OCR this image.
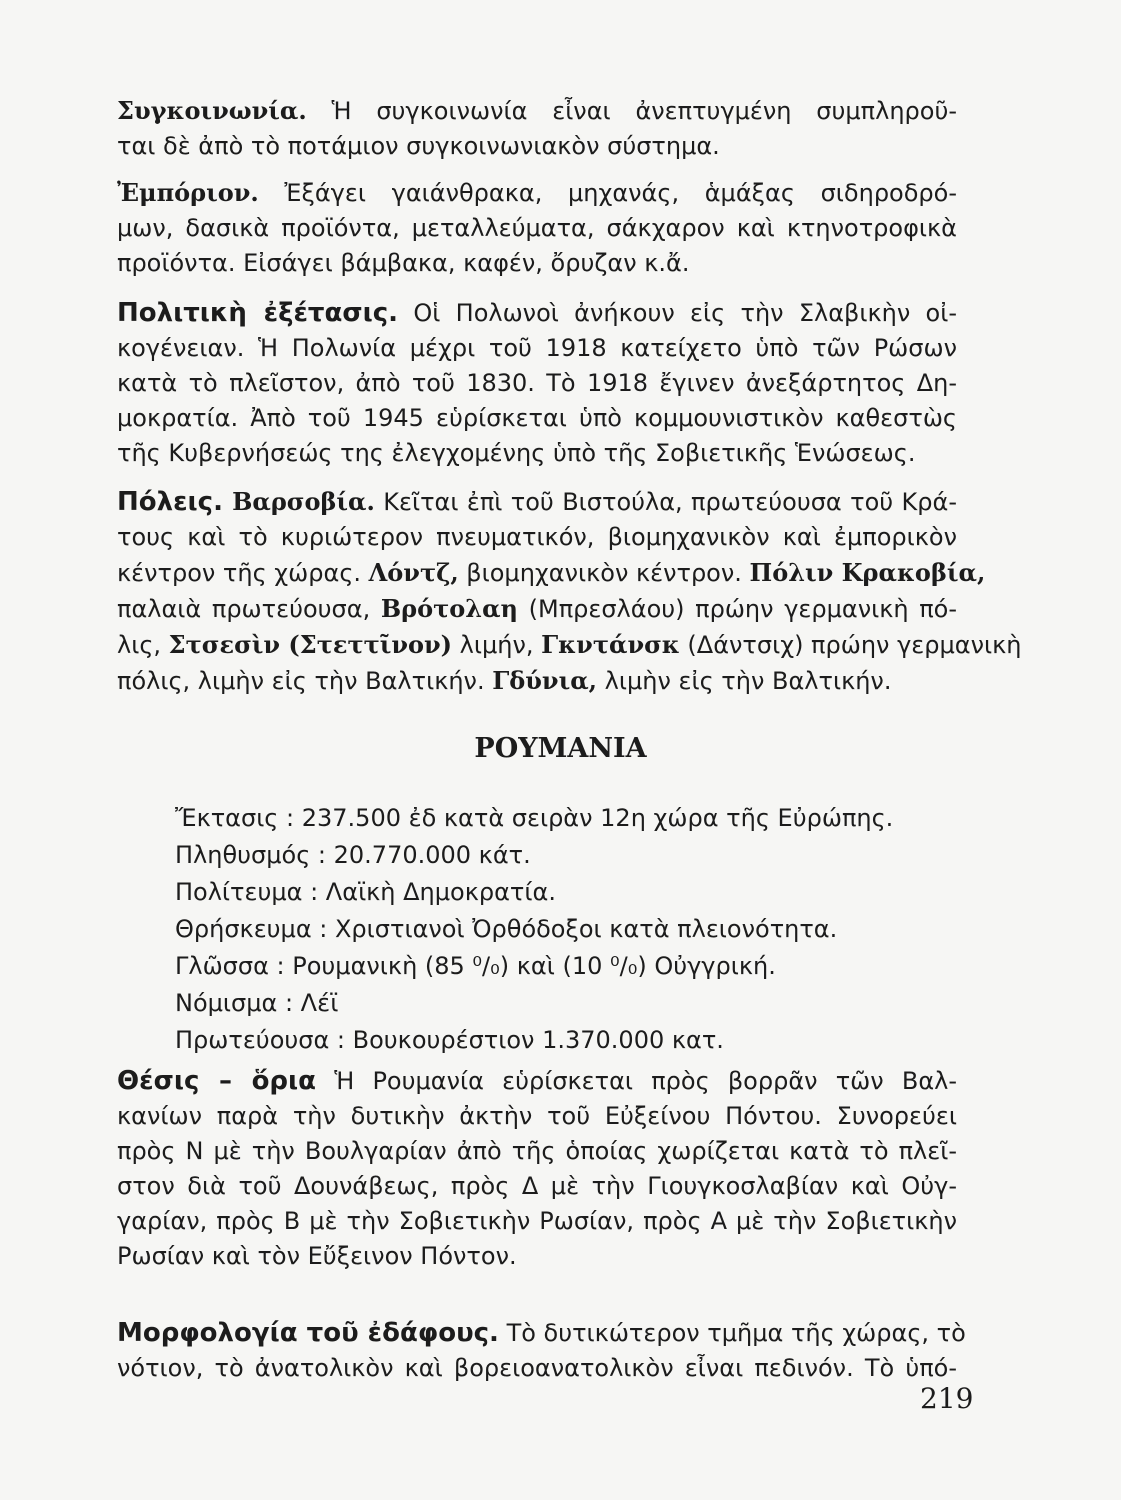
Συγκοινωνία. Ἡ συγκοινωνία εἶναι ἀνεπτυγμένη συμπληροῦ-
ται δὲ ἀπὸ τὸ ποτάμιον συγκοινωνιακὸν σύστημα.
Ἐμπόριον. Ἐξάγει γαιάνθρακα, μηχανάς, ἁμάξας σιδηροδρό-
μων, δασικὰ προϊόντα, μεταλλεύματα, σάκχαρον καὶ κτηνοτροφικὰ
προϊόντα. Εἰσάγει βάμβακα, καφέν, ὄρυζαν κ.ἄ.
Πολιτικὴ ἐξέτασις. Οἱ Πολωνοὶ ἀνήκουν εἰς τὴν Σλαβικὴν οἰ-
κογένειαν. Ἡ Πολωνία μέχρι τοῦ 1918 κατείχετο ὑπὸ τῶν Ρώσων
κατὰ τὸ πλεῖστον, ἀπὸ τοῦ 1830. Τὸ 1918 ἔγινεν ἀνεξάρτητος Δη-
μοκρατία. Ἀπὸ τοῦ 1945 εὑρίσκεται ὑπὸ κομμουνιστικὸν καθεστὼς
τῆς Κυβερνήσεώς της ἐλεγχομένης ὑπὸ τῆς Σοβιετικῆς Ἑνώσεως.
Πόλεις. Βαρσοβία. Κεῖται ἐπὶ τοῦ Βιστούλα, πρωτεύουσα τοῦ Κρά-
τους καὶ τὸ κυριώτερον πνευματικόν, βιομηχανικὸν καὶ ἐμπορικὸν
κέντρον τῆς χώρας. Λόντζ, βιομηχανικὸν κέντρον. Πόλιν Κρακοβία,
παλαιὰ πρωτεύουσα, Βρότολαη (Μπρεσλάου) πρώην γερμανικὴ πό-
λις, Στσεσὶν (Στεττῖνον) λιμήν, Γκντάνσκ (Δάντσιχ) πρώην γερμανικὴ
πόλις, λιμὴν εἰς τὴν Βαλτικήν. Γδύνια, λιμὴν εἰς τὴν Βαλτικήν.
ΡΟΥΜΑΝΙΑ
Ἔκτασις : 237.500 ἐδ κατὰ σειρὰν 12η χώρα τῆς Εὐρώπης.
Πληθυσμός : 20.770.000 κάτ.
Πολίτευμα : Λαϊκὴ Δημοκρατία.
Θρήσκευμα : Χριστιανοὶ Ὀρθόδοξοι κατὰ πλειονότητα.
Γλῶσσα : Ρουμανικὴ (85 ⁰/₀) καὶ (10 ⁰/₀) Οὐγγρική.
Νόμισμα : Λέϊ
Πρωτεύουσα : Βουκουρέστιον 1.370.000 κατ.
Θέσις – ὅρια Ἡ Ρουμανία εὑρίσκεται πρὸς βορρᾶν τῶν Βαλ-
κανίων παρὰ τὴν δυτικὴν ἀκτὴν τοῦ Εὐξείνου Πόντου. Συνορεύει
πρὸς Ν μὲ τὴν Βουλγαρίαν ἀπὸ τῆς ὁποίας χωρίζεται κατὰ τὸ πλεῖ-
στον διὰ τοῦ Δουνάβεως, πρὸς Δ μὲ τὴν Γιουγκοσλαβίαν καὶ Οὐγ-
γαρίαν, πρὸς Β μὲ τὴν Σοβιετικὴν Ρωσίαν, πρὸς Α μὲ τὴν Σοβιετικὴν
Ρωσίαν καὶ τὸν Εὔξεινον Πόντον.
Μορφολογία τοῦ ἐδάφους. Τὸ δυτικώτερον τμῆμα τῆς χώρας, τὸ
νότιον, τὸ ἀνατολικὸν καὶ βορειοανατολικὸν εἶναι πεδινόν. Τὸ ὑπό-
219
